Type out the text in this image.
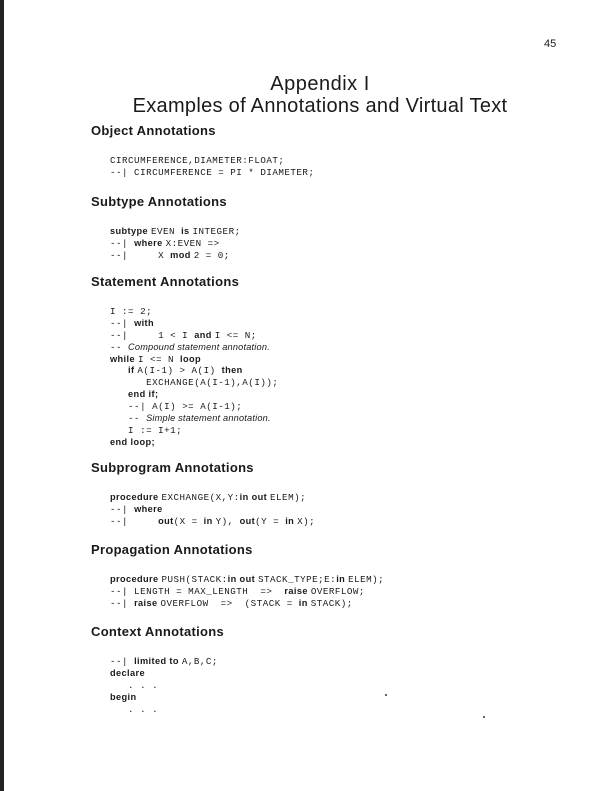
45
Appendix I
Examples of Annotations and Virtual Text
Object Annotations
CIRCUMFERENCE,DIAMETER:FLOAT;
--| CIRCUMFERENCE = PI * DIAMETER;
Subtype Annotations
subtype EVEN is INTEGER;
--| where X:EVEN =>
--|     X mod 2 = 0;
Statement Annotations
I := 2;
--| with
--|     1 < I and I <= N;
-- Compound statement annotation.
while I <= N loop
if A(I-1) > A(I) then
EXCHANGE(A(I-1),A(I));
end if;
--| A(I) >= A(I-1);
-- Simple statement annotation.
I := I+1;
end loop;
Subprogram Annotations
procedure EXCHANGE(X,Y:in out ELEM);
--| where
--|     out(X = in Y), out(Y = in X);
Propagation Annotations
procedure PUSH(STACK:in out STACK_TYPE;E:in ELEM);
--| LENGTH = MAX_LENGTH  =>  raise OVERFLOW;
--| raise OVERFLOW  =>  (STACK = in STACK);
Context Annotations
--| limited to A,B,C;
declare
. . .
begin
. . .
